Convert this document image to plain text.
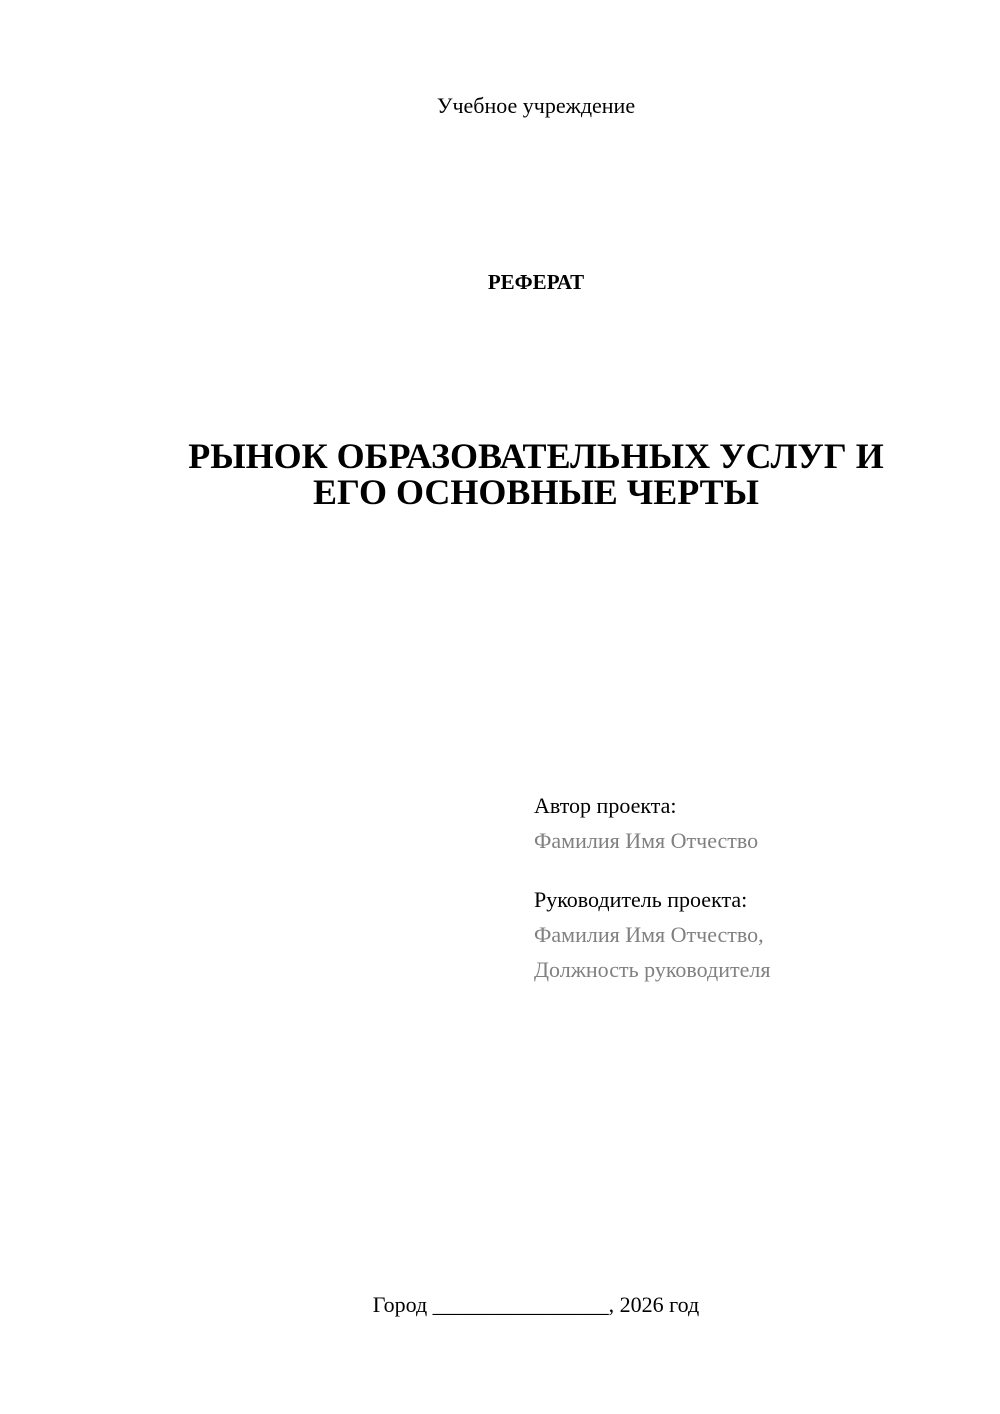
Учебное учреждение
РЕФЕРАТ
РЫНОК ОБРАЗОВАТЕЛЬНЫХ УСЛУГ И
ЕГО ОСНОВНЫЕ ЧЕРТЫ
Автор проекта:
Фамилия Имя Отчество
Руководитель проекта:
Фамилия Имя Отчество,
Должность руководителя
Город ________________, 2026 год
